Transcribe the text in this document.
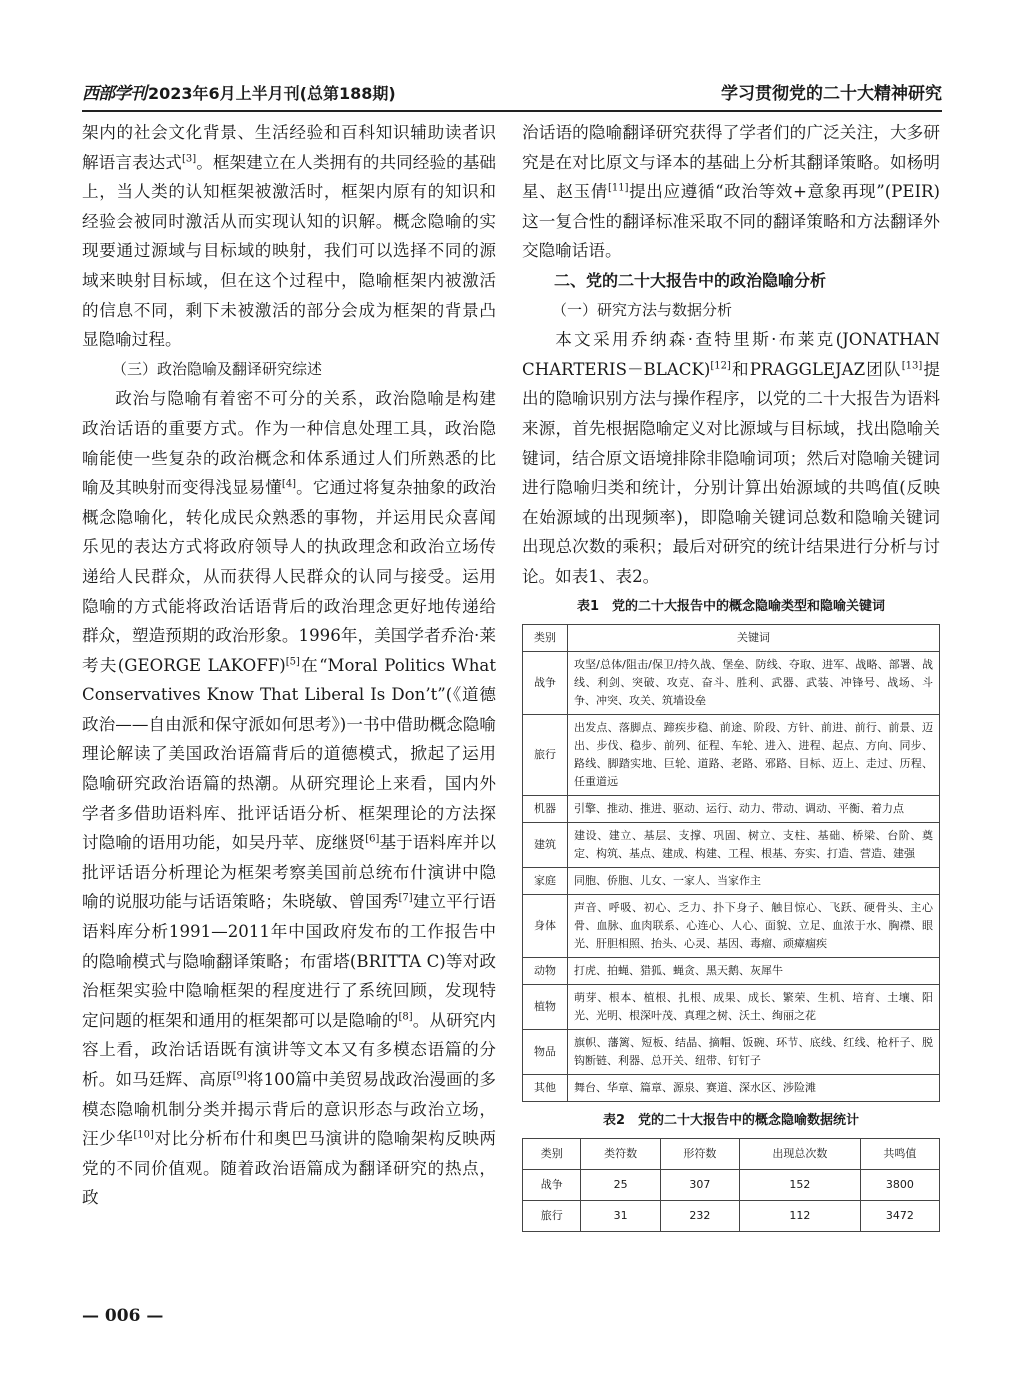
西部学刊 2023年6月上半月刊(总第188期)	学习贯彻党的二十大精神研究

架内的社会文化背景、生活经验和百科知识辅助读者识解语言表达式[3]。框架建立在人类拥有的共同经验的基础上，当人类的认知框架被激活时，框架内原有的知识和经验会被同时激活从而实现认知的识解。概念隐喻的实现要通过源域与目标域的映射，我们可以选择不同的源域来映射目标域，但在这个过程中，隐喻框架内被激活的信息不同，剩下未被激活的部分会成为框架的背景凸显隐喻过程。

（三）政治隐喻及翻译研究综述

政治与隐喻有着密不可分的关系，政治隐喻是构建政治话语的重要方式。作为一种信息处理工具，政治隐喻能使一些复杂的政治概念和体系通过人们所熟悉的比喻及其映射而变得浅显易懂[4]。它通过将复杂抽象的政治概念隐喻化，转化成民众熟悉的事物，并运用民众喜闻乐见的表达方式将政府领导人的执政理念和政治立场传递给人民群众，从而获得人民群众的认同与接受。运用隐喻的方式能将政治话语背后的政治理念更好地传递给群众，塑造预期的政治形象。1996年，美国学者乔治·莱考夫(GEORGE LAKOFF)[5]在“Moral Politics What Conservatives Know That Liberal Is Don’t”(《道德政治——自由派和保守派如何思考》)一书中借助概念隐喻理论解读了美国政治语篇背后的道德模式，掀起了运用隐喻研究政治语篇的热潮。从研究理论上来看，国内外学者多借助语料库、批评话语分析、框架理论的方法探讨隐喻的语用功能，如吴丹苹、庞继贤[6]基于语料库并以批评话语分析理论为框架考察美国前总统布什演讲中隐喻的说服功能与话语策略；朱晓敏、曾国秀[7]建立平行语语料库分析1991—2011年中国政府发布的工作报告中的隐喻模式与隐喻翻译策略；布雷塔(BRITTA C)等对政治框架实验中隐喻框架的程度进行了系统回顾，发现特定问题的框架和通用的框架都可以是隐喻的[8]。从研究内容上看，政治话语既有演讲等文本又有多模态语篇的分析。如马廷辉、高原[9]将100篇中美贸易战政治漫画的多模态隐喻机制分类并揭示背后的意识形态与政治立场，汪少华[10]对比分析布什和奥巴马演讲的隐喻架构反映两党的不同价值观。随着政治语篇成为翻译研究的热点，政

治话语的隐喻翻译研究获得了学者们的广泛关注，大多研究是在对比原文与译本的基础上分析其翻译策略。如杨明星、赵玉倩[11]提出应遵循“政治等效+意象再现”(PEIR)这一复合性的翻译标准采取不同的翻译策略和方法翻译外交隐喻话语。

二、党的二十大报告中的政治隐喻分析

（一）研究方法与数据分析

本文采用乔纳森·查特里斯·布莱克(JONATHAN CHARTERIS－BLACK)[12]和PRAGGLEJAZ团队[13]提出的隐喻识别方法与操作程序，以党的二十大报告为语料来源，首先根据隐喻定义对比源域与目标域，找出隐喻关键词，结合原文语境排除非隐喻词项；然后对隐喻关键词进行隐喻归类和统计，分别计算出始源域的共鸣值(反映在始源域的出现频率)，即隐喻关键词总数和隐喻关键词出现总次数的乘积；最后对研究的统计结果进行分析与讨论。如表1、表2。

表1　党的二十大报告中的概念隐喻类型和隐喻关键词
类别	关键词
战争	攻坚/总体/阻击/保卫/持久战、堡垒、防线、夺取、进军、战略、部署、战线、利剑、突破、攻克、奋斗、胜利、武器、武装、冲锋号、战场、斗争、冲突、攻关、筑墙设垒
旅行	出发点、落脚点、蹄疾步稳、前途、阶段、方针、前进、前行、前景、迈出、步伐、稳步、前列、征程、车轮、进入、进程、起点、方向、同步、路线、脚踏实地、巨轮、道路、老路、邪路、目标、迈上、走过、历程、任重道远
机器	引擎、推动、推进、驱动、运行、动力、带动、调动、平衡、着力点
建筑	建设、建立、基层、支撑、巩固、树立、支柱、基础、桥梁、台阶、奠定、构筑、基点、建成、构建、工程、根基、夯实、打造、营造、建强
家庭	同胞、侨胞、儿女、一家人、当家作主
身体	声音、呼吸、初心、乏力、扑下身子、触目惊心、飞跃、硬骨头、主心骨、血脉、血肉联系、心连心、人心、面貌、立足、血浓于水、胸襟、眼光、肝胆相照、抬头、心灵、基因、毒瘤、顽瘴痼疾
动物	打虎、拍蝇、猎狐、蝇贪、黑天鹅、灰犀牛
植物	萌芽、根本、植根、扎根、成果、成长、繁荣、生机、培育、土壤、阳光、光明、根深叶茂、真理之树、沃土、绚丽之花
物品	旗帜、藩篱、短板、结晶、摘帽、饭碗、环节、底线、红线、枪杆子、脱钩断链、利器、总开关、纽带、钉钉子
其他	舞台、华章、篇章、源泉、赛道、深水区、涉险滩
表2　党的二十大报告中的概念隐喻数据统计
类别	类符数	形符数	出现总次数	共鸣值
战争	25	307	152	3800
旅行	31	232	112	3472
— 006 —
